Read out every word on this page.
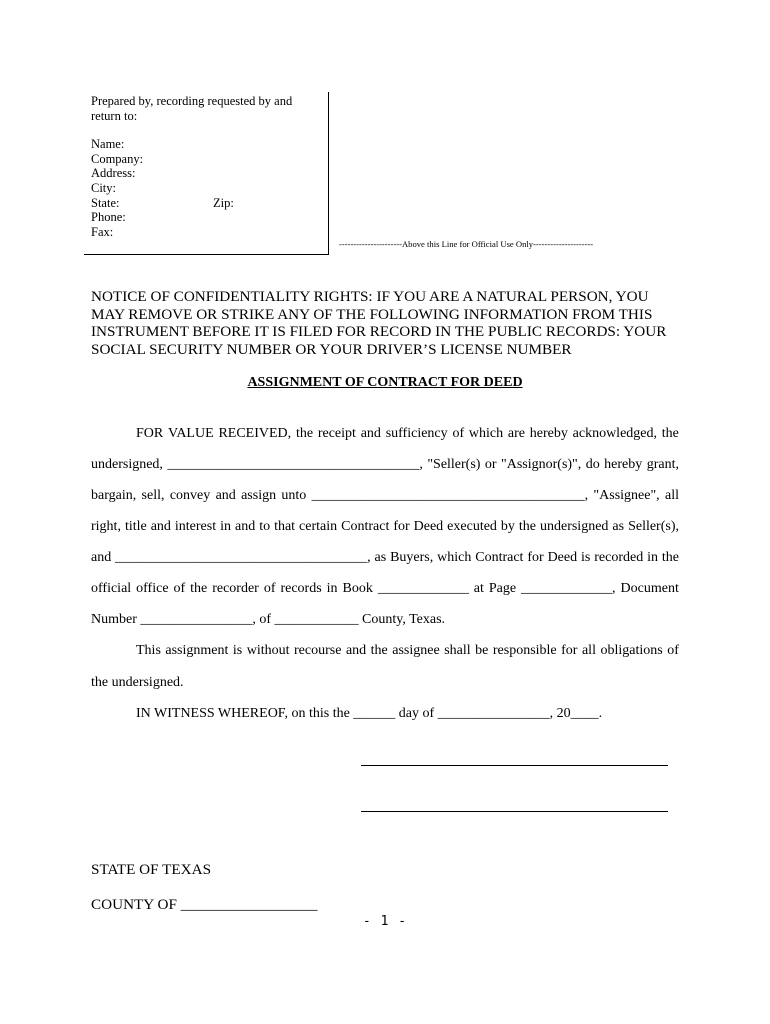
Prepared by, recording requested by and
return to:
Name:
Company:
Address:
City:
State:	Zip:
Phone:
Fax:
----------------------Above this Line for Official Use Only---------------------
NOTICE OF CONFIDENTIALITY RIGHTS: IF YOU ARE A NATURAL PERSON, YOU
MAY REMOVE OR STRIKE ANY OF THE FOLLOWING INFORMATION FROM THIS
INSTRUMENT BEFORE IT IS FILED FOR RECORD IN THE PUBLIC RECORDS: YOUR
SOCIAL SECURITY NUMBER OR YOUR DRIVER’S LICENSE NUMBER
ASSIGNMENT OF CONTRACT FOR DEED
FOR VALUE RECEIVED, the receipt and sufficiency of which are hereby acknowledged, the
undersigned, ____________________________________, "Seller(s) or "Assignor(s)", do hereby grant,
bargain, sell, convey and assign unto _______________________________________, "Assignee", all
right, title and interest in and to that certain Contract for Deed executed by the undersigned as Seller(s),
and ____________________________________, as Buyers, which Contract for Deed is recorded in the
official office of the recorder of records in Book _____________ at Page _____________, Document
Number ________________, of ____________ County, Texas.
This assignment is without recourse and the assignee shall be responsible for all obligations of
the undersigned.
IN WITNESS WHEREOF, on this the ______ day of ________________, 20____.
STATE OF TEXAS
COUNTY OF __________________
- 1 -
